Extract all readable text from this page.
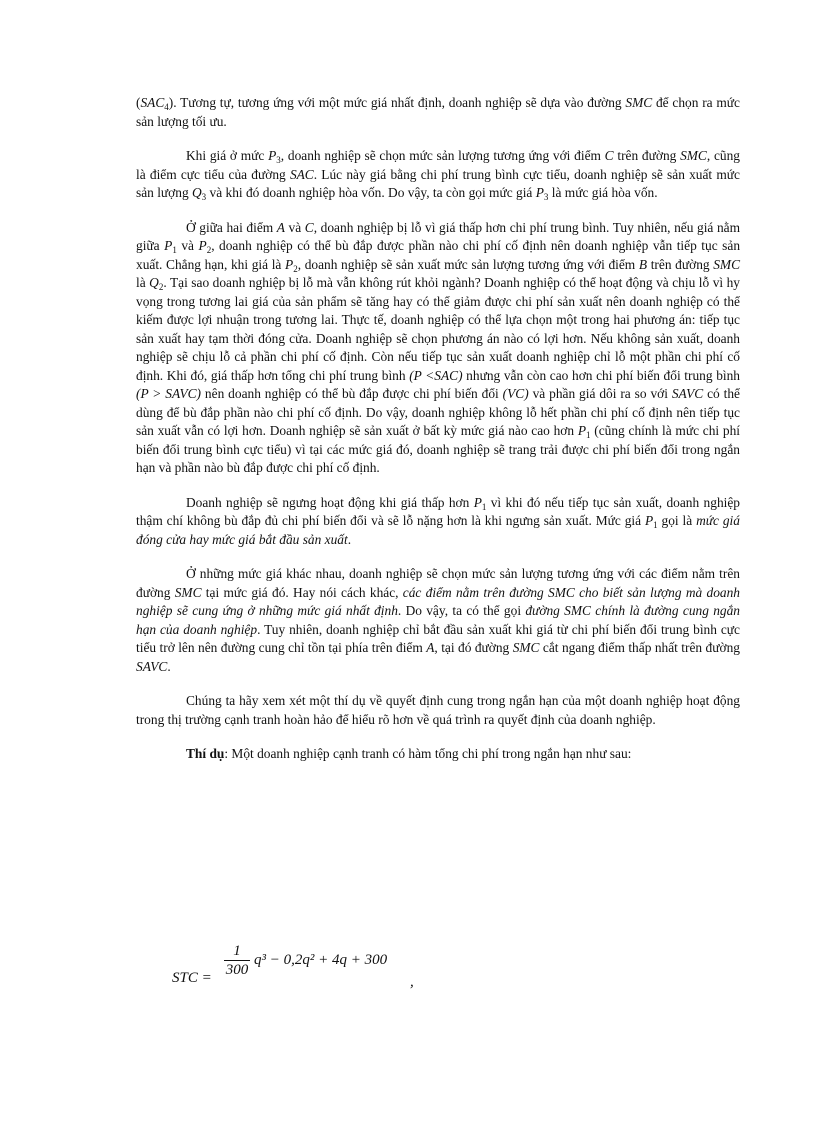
$(SAC_4)$. Tương tự, tương ứng với một mức giá nhất định, doanh nghiệp sẽ dựa vào đường SMC để chọn ra mức sản lượng tối ưu.

Khi giá ở mức $P_3$, doanh nghiệp sẽ chọn mức sản lượng tương ứng với điểm C trên đường SMC, cũng là điểm cực tiểu của đường SAC. Lúc này giá bằng chi phí trung bình cực tiểu, doanh nghiệp sẽ sản xuất mức sản lượng $Q_3$ và khi đó doanh nghiệp hòa vốn. Do vậy, ta còn gọi mức giá $P_3$ là mức giá hòa vốn.

Ở giữa hai điểm A và C, doanh nghiệp bị lỗ vì giá thấp hơn chi phí trung bình. Tuy nhiên, nếu giá nằm giữa $P_1$ và $P_2$, doanh nghiệp có thể bù đắp được phần nào chi phí cố định nên doanh nghiệp vẫn tiếp tục sản xuất. Chẳng hạn, khi giá là $P_2$, doanh nghiệp sẽ sản xuất mức sản lượng tương ứng với điểm B trên đường SMC là $Q_2$. Tại sao doanh nghiệp bị lỗ mà vẫn không rút khỏi ngành? Doanh nghiệp có thể hoạt động và chịu lỗ vì hy vọng trong tương lai giá của sản phẩm sẽ tăng hay có thể giảm được chi phí sản xuất nên doanh nghiệp có thể kiếm được lợi nhuận trong tương lai. Thực tế, doanh nghiệp có thể lựa chọn một trong hai phương án: tiếp tục sản xuất hay tạm thời đóng cửa. Doanh nghiệp sẽ chọn phương án nào có lợi hơn. Nếu không sản xuất, doanh nghiệp sẽ chịu lỗ cả phần chi phí cố định. Còn nếu tiếp tục sản xuất doanh nghiệp chỉ lỗ một phần chi phí cố định. Khi đó, giá thấp hơn tổng chi phí trung bình (P <SAC) nhưng vẫn còn cao hơn chi phí biến đổi trung bình (P > SAVC) nên doanh nghiệp có thể bù đắp được chi phí biến đổi (VC) và phần giá dôi ra so với SAVC có thể dùng để bù đắp phần nào chi phí cố định. Do vậy, doanh nghiệp không lỗ hết phần chi phí cố định nên tiếp tục sản xuất vẫn có lợi hơn. Doanh nghiệp sẽ sản xuất ở bất kỳ mức giá nào cao hơn $P_1$ (cũng chính là mức chi phí biến đổi trung bình cực tiểu) vì tại các mức giá đó, doanh nghiệp sẽ trang trải được chi phí biến đổi trong ngắn hạn và phần nào bù đắp được chi phí cố định.

Doanh nghiệp sẽ ngưng hoạt động khi giá thấp hơn $P_1$ vì khi đó nếu tiếp tục sản xuất, doanh nghiệp thậm chí không bù đắp đủ chi phí biến đổi và sẽ lỗ nặng hơn là khi ngưng sản xuất. Mức giá $P_1$ gọi là mức giá đóng cửa hay mức giá bắt đầu sản xuất.

Ở những mức giá khác nhau, doanh nghiệp sẽ chọn mức sản lượng tương ứng với các điểm nằm trên đường SMC tại mức giá đó. Hay nói cách khác, các điểm nằm trên đường SMC cho biết sản lượng mà doanh nghiệp sẽ cung ứng ở những mức giá nhất định. Do vậy, ta có thể gọi đường SMC chính là đường cung ngắn hạn của doanh nghiệp. Tuy nhiên, doanh nghiệp chỉ bắt đầu sản xuất khi giá từ chi phí biến đổi trung bình cực tiểu trở lên nên đường cung chỉ tồn tại phía trên điểm A, tại đó đường SMC cắt ngang điểm thấp nhất trên đường SAVC.

Chúng ta hãy xem xét một thí dụ về quyết định cung trong ngắn hạn của một doanh nghiệp hoạt động trong thị trường cạnh tranh hoàn hảo để hiểu rõ hơn về quá trình ra quyết định của doanh nghiệp.

Thí dụ: Một doanh nghiệp cạnh tranh có hàm tổng chi phí trong ngắn hạn như sau:

STC = $\frac{1}{300} q^3 - 0,2q^2 + 4q + 300$
,
